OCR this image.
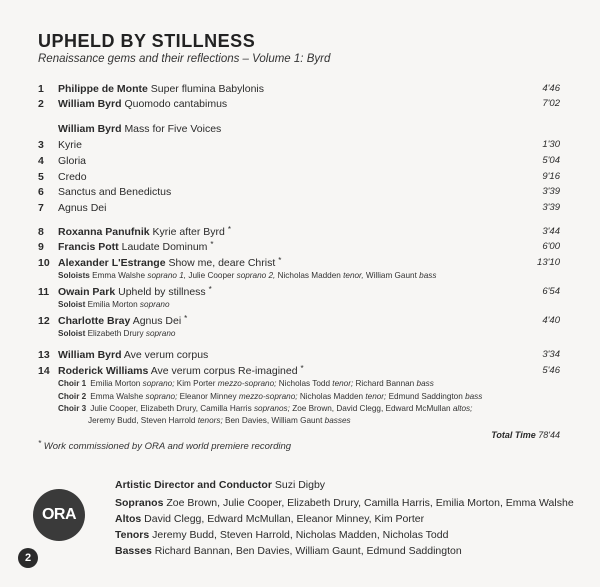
UPHELD BY STILLNESS
Renaissance gems and their reflections – Volume 1: Byrd
1 Philippe de Monte Super flumina Babylonis	4'46
2 William Byrd Quomodo cantabimus	7'02
William Byrd Mass for Five Voices
3 Kyrie	1'30
4 Gloria	5'04
5 Credo	9'16
6 Sanctus and Benedictus	3'39
7 Agnus Dei	3'39
8 Roxanna Panufnik Kyrie after Byrd *	3'44
9 Francis Pott Laudate Dominum *	6'00
10 Alexander L'Estrange Show me, deare Christ *	13'10
Soloists Emma Walshe soprano 1, Julie Cooper soprano 2, Nicholas Madden tenor, William Gaunt bass
11 Owain Park Upheld by stillness *	6'54
Soloist Emilia Morton soprano
12 Charlotte Bray Agnus Dei *	4'40
Soloist Elizabeth Drury soprano
13 William Byrd Ave verum corpus	3'34
14 Roderick Williams Ave verum corpus Re-imagined *	5'46
Choir 1 Emilia Morton soprano; Kim Porter mezzo-soprano; Nicholas Todd tenor; Richard Bannan bass
Choir 2 Emma Walshe soprano; Eleanor Minney mezzo-soprano; Nicholas Madden tenor; Edmund Saddington bass
Choir 3 Julie Cooper, Elizabeth Drury, Camilla Harris sopranos; Zoe Brown, David Clegg, Edward McMullan altos;
Jeremy Budd, Steven Harrold tenors; Ben Davies, William Gaunt basses
Total Time 78'44
* Work commissioned by ORA and world premiere recording
ORA
Artistic Director and Conductor Suzi Digby
Sopranos Zoe Brown, Julie Cooper, Elizabeth Drury, Camilla Harris, Emilia Morton, Emma Walshe
Altos David Clegg, Edward McMullan, Eleanor Minney, Kim Porter
Tenors Jeremy Budd, Steven Harrold, Nicholas Madden, Nicholas Todd
Basses Richard Bannan, Ben Davies, William Gaunt, Edmund Saddington
2
